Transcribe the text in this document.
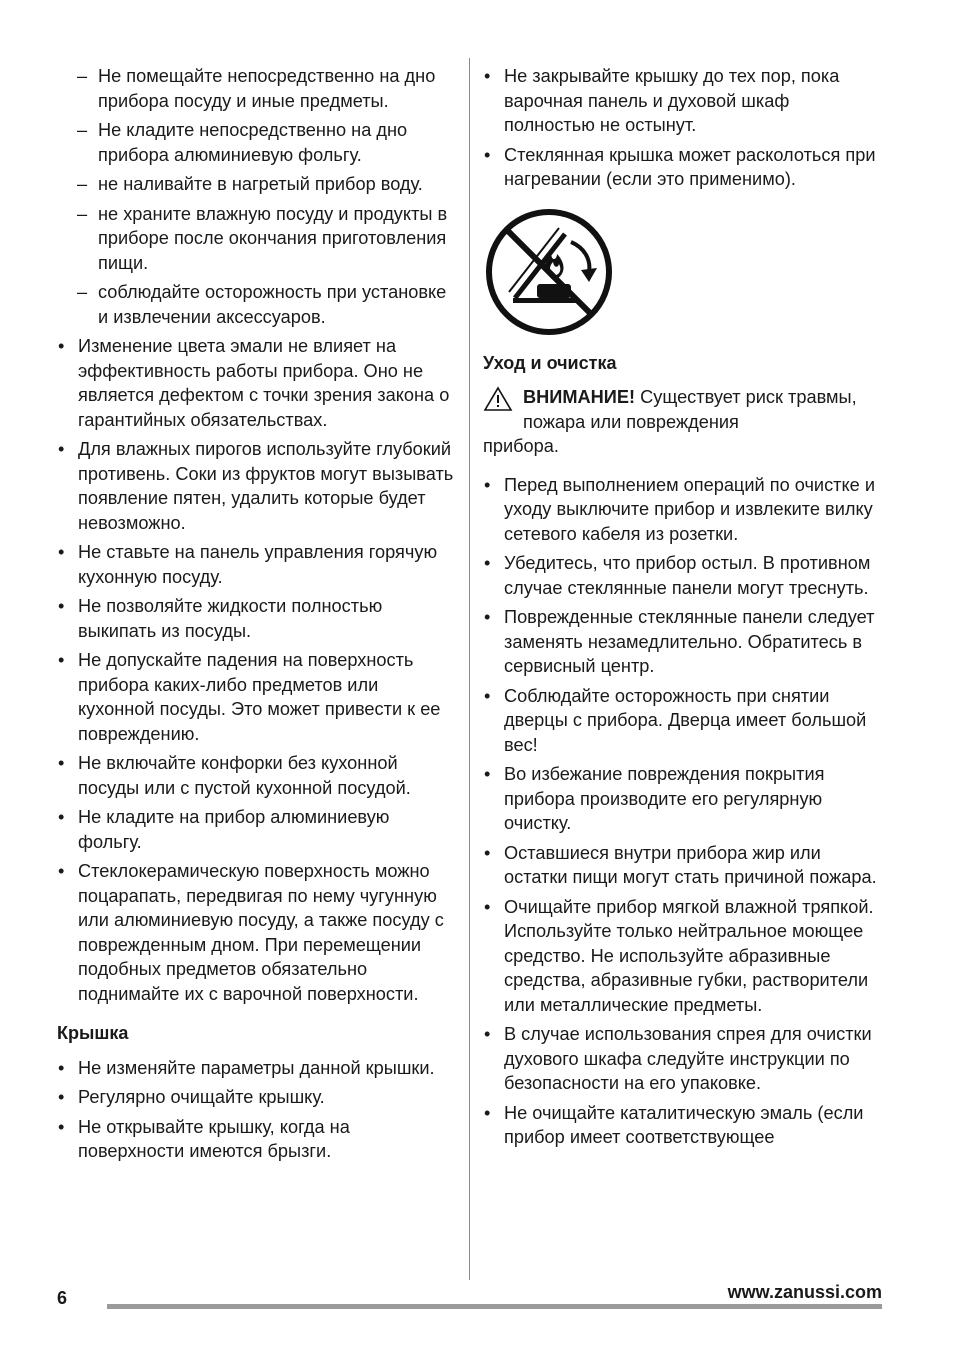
– Не помещайте непосредственно на дно прибора посуду и иные предметы.
– Не кладите непосредственно на дно прибора алюминиевую фольгу.
– не наливайте в нагретый прибор воду.
– не храните влажную посуду и продукты в приборе после окончания приготовления пищи.
– соблюдайте осторожность при установке и извлечении аксессуаров.
• Изменение цвета эмали не влияет на эффективность работы прибора. Оно не является дефектом с точки зрения закона о гарантийных обязательствах.
• Для влажных пирогов используйте глубокий противень. Соки из фруктов могут вызывать появление пятен, удалить которые будет невозможно.
• Не ставьте на панель управления горячую кухонную посуду.
• Не позволяйте жидкости полностью выкипать из посуды.
• Не допускайте падения на поверхность прибора каких-либо предметов или кухонной посуды. Это может привести к ее повреждению.
• Не включайте конфорки без кухонной посуды или с пустой кухонной посудой.
• Не кладите на прибор алюминиевую фольгу.
• Стеклокерамическую поверхность можно поцарапать, передвигая по нему чугунную или алюминиевую посуду, а также посуду с поврежденным дном. При перемещении подобных предметов обязательно поднимайте их с варочной поверхности.
Крышка
• Не изменяйте параметры данной крышки.
• Регулярно очищайте крышку.
• Не открывайте крышку, когда на поверхности имеются брызги.
• Не закрывайте крышку до тех пор, пока варочная панель и духовой шкаф полностью не остынут.
• Стеклянная крышка может расколоться при нагревании (если это применимо).
Уход и очистка
ВНИМАНИЕ! Существует риск травмы, пожара или повреждения
прибора.
• Перед выполнением операций по очистке и уходу выключите прибор и извлеките вилку сетевого кабеля из розетки.
• Убедитесь, что прибор остыл. В противном случае стеклянные панели могут треснуть.
• Поврежденные стеклянные панели следует заменять незамедлительно. Обратитесь в сервисный центр.
• Соблюдайте осторожность при снятии дверцы с прибора. Дверца имеет большой вес!
• Во избежание повреждения покрытия прибора производите его регулярную очистку.
• Оставшиеся внутри прибора жир или остатки пищи могут стать причиной пожара.
• Очищайте прибор мягкой влажной тряпкой. Используйте только нейтральное моющее средство. Не используйте абразивные средства, абразивные губки, растворители или металлические предметы.
• В случае использования спрея для очистки духового шкафа следуйте инструкции по безопасности на его упаковке.
• Не очищайте каталитическую эмаль (если прибор имеет соответствующее
6	www.zanussi.com
